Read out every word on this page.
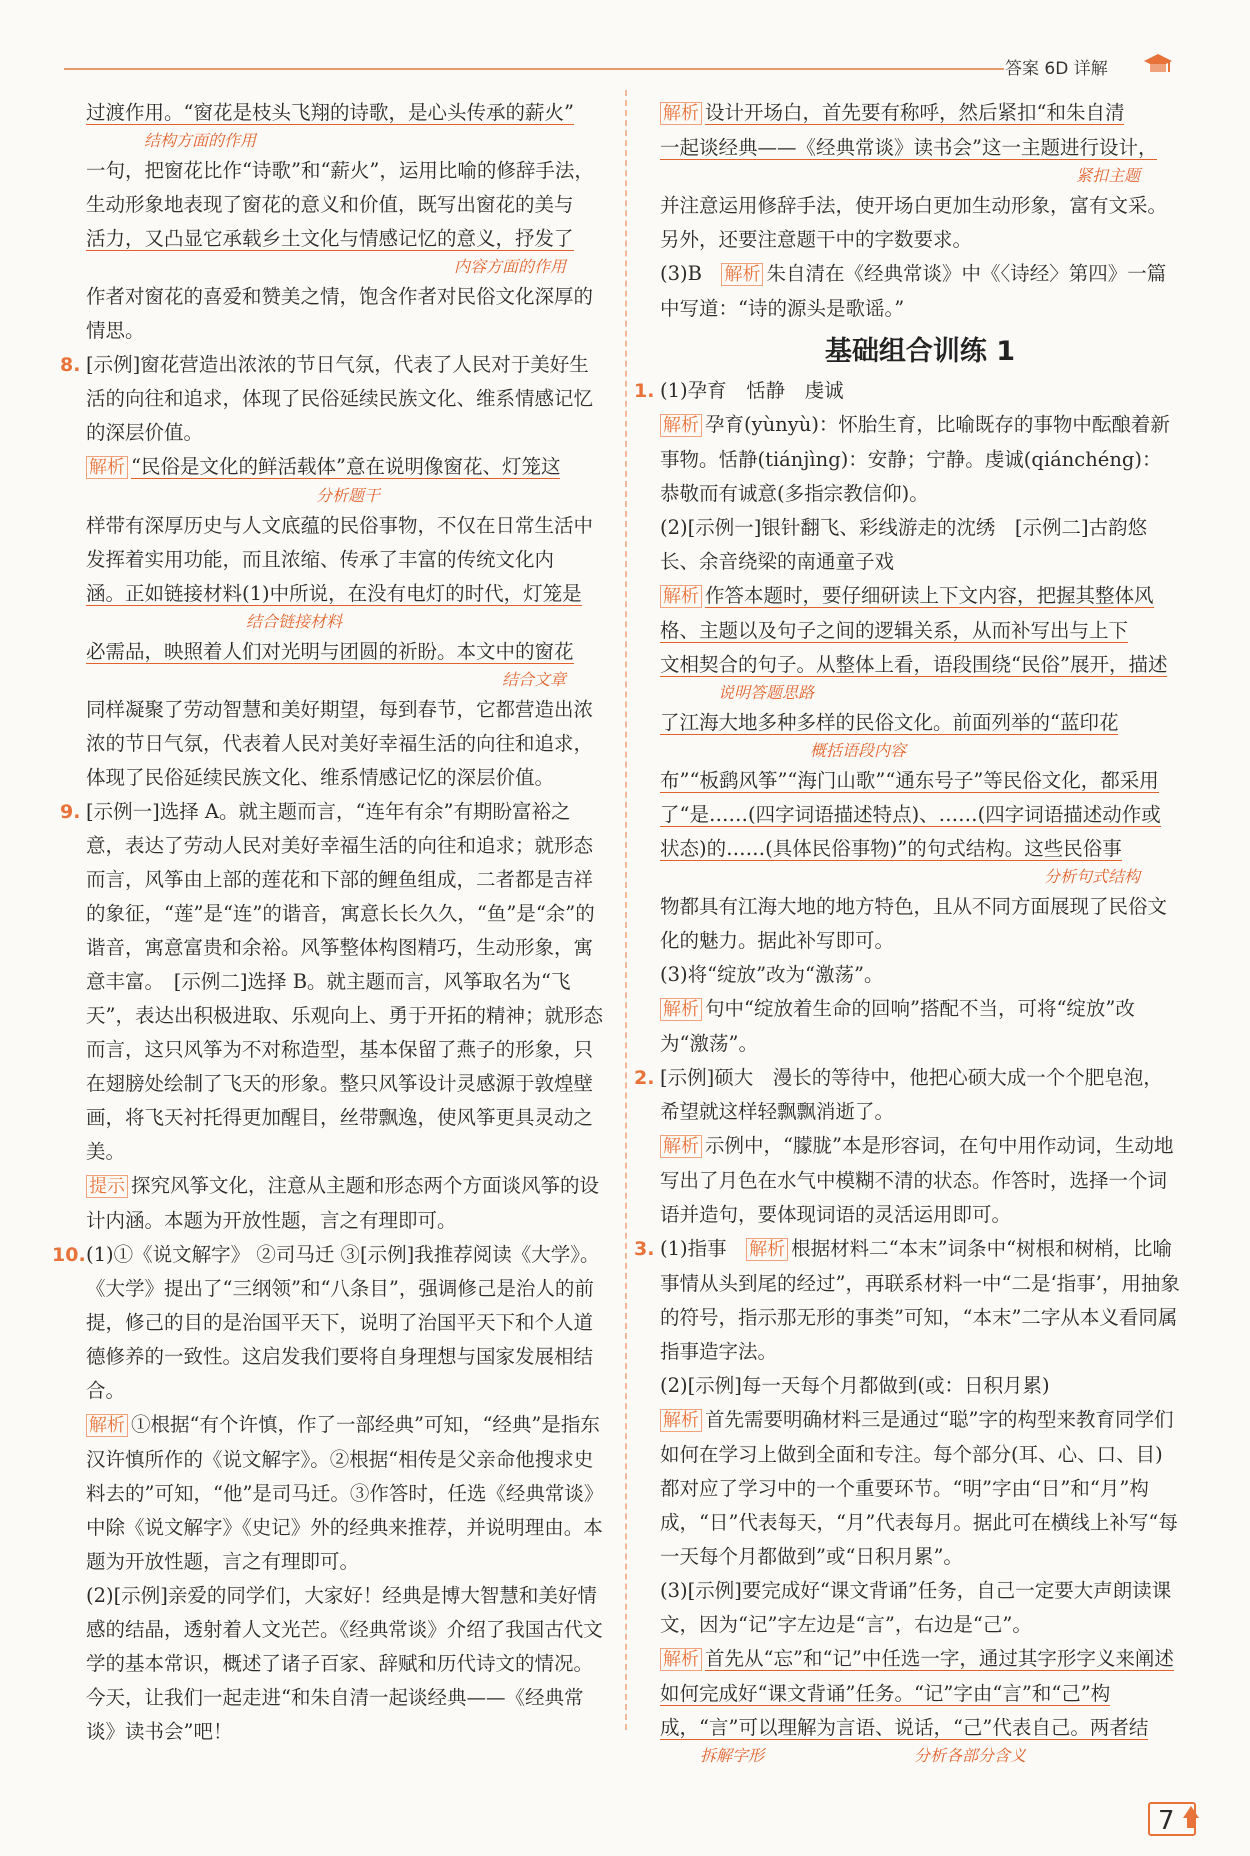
答案 6D 详解

过渡作用。“窗花是枝头飞翔的诗歌，是心头传承的薪火”

结构方面的作用

一句，把窗花比作“诗歌”和“薪火”，运用比喻的修辞手法，生动形象地表现了窗花的意义和价值，既写出窗花的美与

活力，又凸显它承载乡土文化与情感记忆的意义，抒发了

内容方面的作用

作者对窗花的喜爱和赞美之情，饱含作者对民俗文化深厚的情思。

8. [示例]窗花营造出浓浓的节日气氛，代表了人民对于美好生活的向往和追求，体现了民俗延续民族文化、维系情感记忆的深层价值。

解析 “民俗是文化的鲜活载体”意在说明像窗花、灯笼这

分析题干

样带有深厚历史与人文底蕴的民俗事物，不仅在日常生活中发挥着实用功能，而且浓缩、传承了丰富的传统文化内

涵。正如链接材料(1)中所说，在没有电灯的时代，灯笼是

结合链接材料

必需品，映照着人们对光明与团圆的祈盼。本文中的窗花

结合文章

同样凝聚了劳动智慧和美好期望，每到春节，它都营造出浓浓的节日气氛，代表着人民对美好幸福生活的向往和追求，体现了民俗延续民族文化、维系情感记忆的深层价值。

9. [示例一]选择 A。就主题而言，“连年有余”有期盼富裕之意，表达了劳动人民对美好幸福生活的向往和追求；就形态而言，风筝由上部的莲花和下部的鲤鱼组成，二者都是吉祥的象征，“莲”是“连”的谐音，寓意长长久久，“鱼”是“余”的谐音，寓意富贵和余裕。风筝整体构图精巧，生动形象，寓意丰富。　[示例二]选择 B。就主题而言，风筝取名为“飞天”，表达出积极进取、乐观向上、勇于开拓的精神；就形态而言，这只风筝为不对称造型，基本保留了燕子的形象，只在翅膀处绘制了飞天的形象。整只风筝设计灵感源于敦煌壁画，将飞天衬托得更加醒目，丝带飘逸，使风筝更具灵动之美。

提示 探究风筝文化，注意从主题和形态两个方面谈风筝的设计内涵。本题为开放性题，言之有理即可。

10. (1)①《说文解字》 ②司马迁 ③[示例]我推荐阅读《大学》。《大学》提出了“三纲领”和“八条目”，强调修己是治人的前提，修己的目的是治国平天下，说明了治国平天下和个人道德修养的一致性。这启发我们要将自身理想与国家发展相结合。

解析 ①根据“有个许慎，作了一部经典”可知，“经典”是指东汉许慎所作的《说文解字》。②根据“相传是父亲命他搜求史料去的”可知，“他”是司马迁。③作答时，任选《经典常谈》中除《说文解字》《史记》外的经典来推荐，并说明理由。本题为开放性题，言之有理即可。

(2)[示例]亲爱的同学们，大家好！经典是博大智慧和美好情感的结晶，透射着人文光芒。《经典常谈》介绍了我国古代文学的基本常识，概述了诸子百家、辞赋和历代诗文的情况。今天，让我们一起走进“和朱自清一起谈经典——《经典常谈》读书会”吧！

解析 设计开场白，首先要有称呼，然后紧扣“和朱自清

一起谈经典——《经典常谈》读书会”这一主题进行设计，

紧扣主题

并注意运用修辞手法，使开场白更加生动形象，富有文采。另外，还要注意题干中的字数要求。

(3)B　 解析 朱自清在《经典常谈》中《〈诗经〉第四》一篇中写道：“诗的源头是歌谣。”

基础组合训练 1
1. (1)孕育　恬静　虔诚

解析 孕育(yùnyù)：怀胎生育，比喻既存的事物中酝酿着新事物。恬静(tiánjìng)：安静；宁静。虔诚(qiánchéng)：恭敬而有诚意(多指宗教信仰)。

(2)[示例一]银针翻飞、彩线游走的沈绣　[示例二]古韵悠长、余音绕梁的南通童子戏

解析 作答本题时，要仔细研读上下文内容，把握其整体风格、主题以及句子之间的逻辑关系，从而补写出与上下

文相契合的句子。从整体上看，语段围绕“民俗”展开，描述

说明答题思路

了江海大地多种多样的民俗文化。前面列举的“蓝印花

概括语段内容

布”“板鹞风筝”“海门山歌”“通东号子”等民俗文化，都采用了“是……(四字词语描述特点)、……(四字词语描述动作或状态)的……(具体民俗事物)”的句式结构。这些民俗事

分析句式结构

物都具有江海大地的地方特色，且从不同方面展现了民俗文化的魅力。据此补写即可。

(3)将“绽放”改为“激荡”。

解析 句中“绽放着生命的回响”搭配不当，可将“绽放”改为“激荡”。

2. [示例]硕大　漫长的等待中，他把心硕大成一个个肥皂泡，希望就这样轻飘飘消逝了。

解析 示例中，“朦胧”本是形容词，在句中用作动词，生动地写出了月色在水气中模糊不清的状态。作答时，选择一个词语并造句，要体现词语的灵活运用即可。

3. (1)指事　 解析 根据材料二“本末”词条中“树根和树梢，比喻事情从头到尾的经过”，再联系材料一中“二是‘指事’，用抽象的符号，指示那无形的事类”可知，“本末”二字从本义看同属指事造字法。

(2)[示例]每一天每个月都做到(或：日积月累)

解析 首先需要明确材料三是通过“聪”字的构型来教育同学们如何在学习上做到全面和专注。每个部分(耳、心、口、目)都对应了学习中的一个重要环节。“明”字由“日”和“月”构成，“日”代表每天，“月”代表每月。据此可在横线上补写“每一天每个月都做到”或“日积月累”。

(3)[示例]要完成好“课文背诵”任务，自己一定要大声朗读课文，因为“记”字左边是“言”，右边是“己”。

解析 首先从“忘”和“记”中任选一字，通过其字形字义来阐述如何完成好“课文背诵”任务。“记”字由“言”和“己”构成，“言”可以理解为言语、说话，“己”代表自己。两者结

拆解字形	分析各部分含义
7
